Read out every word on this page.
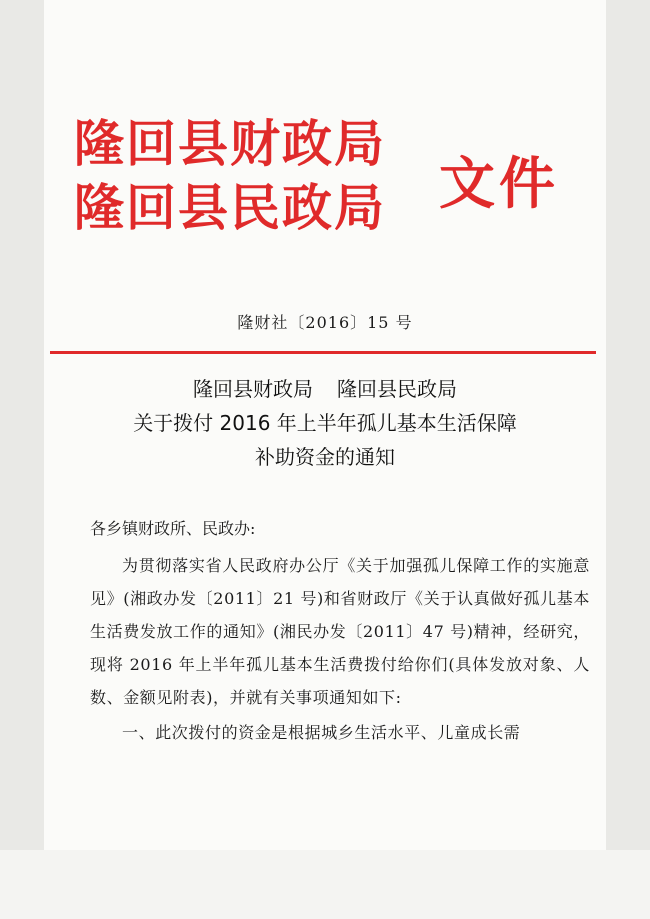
隆回县财政局
隆回县民政局 文件
隆财社〔2016〕15 号
隆回县财政局 隆回县民政局
关于拨付 2016 年上半年孤儿基本生活保障
补助资金的通知
各乡镇财政所、民政办:
为贯彻落实省人民政府办公厅《关于加强孤儿保障工作的实施意见》(湘政办发〔2011〕21 号)和省财政厅《关于认真做好孤儿基本生活费发放工作的通知》(湘民办发〔2011〕47 号)精神，经研究，现将 2016 年上半年孤儿基本生活费拨付给你们(具体发放对象、人数、金额见附表)，并就有关事项通知如下:
一、此次拨付的资金是根据城乡生活水平、儿童成长需
